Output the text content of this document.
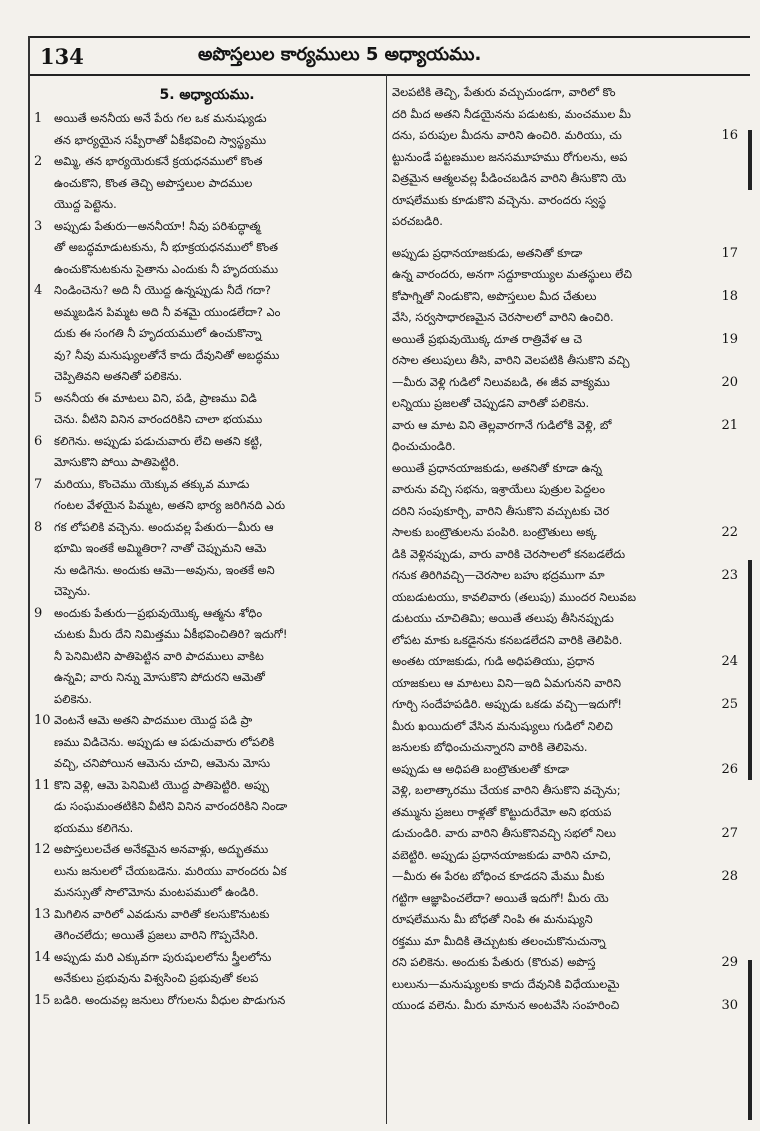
134	అపొస్తలుల కార్యములు 5 అధ్యాయము.
5. అధ్యాయము.
1	అయితే అననీయ అనే పేరు గల ఒక మనుష్యుడు
తన భార్యయైన సప్పీరాతో ఏకీభవించి స్వాస్థ్యము
2	అమ్మి, తన భార్యయెరుకనే క్రయధనములో కొంత
ఉంచుకొని, కొంత తెచ్చి అపొస్తలుల పాదముల
యొద్ద పెట్టెను.
3	అప్పుడు పేతురు—అననీయా! నీవు పరిశుద్ధాత్మ
తో అబద్ధమాడుటకును, నీ భూక్రయధనములో కొంత
ఉంచుకొనుటకును సైతాను ఎందుకు నీ హృదయము
4	నిండించెను? అది నీ యొద్ద ఉన్నప్పుడు నీదే గదా?
అమ్మబడిన పిమ్మట అది నీ వశమై యుండలేదా? ఎం
దుకు ఈ సంగతి నీ హృదయములో ఉంచుకొన్నా
వు? నీవు మనుష్యులతోనే కాదు దేవునితో అబద్ధము
చెప్పితివని అతనితో పలికెను.
5	అననీయ ఈ మాటలు విని, పడి, ప్రాణము విడి
చెను. వీటిని వినిన వారందరికిని చాలా భయము
6	కలిగెను. అప్పుడు పడుచువారు లేచి అతని కట్టి,
మోసుకొని పోయి పాతిపెట్టిరి.
7	మరియు, కొంచెము యెక్కువ తక్కువ మూడు
గంటల వేళయైన పిమ్మట, అతని భార్య జరిగినది ఎరు
8	గక లోపలికి వచ్చెను. అందువల్ల పేతురు—మీరు ఆ
భూమి ఇంతకే అమ్మితిరా? నాతో చెప్పుమని ఆమె
ను అడిగెను. అందుకు ఆమె—అవును, ఇంతకే అని
చెప్పెను.
9	అందుకు పేతురు—ప్రభువుయొక్క ఆత్మను శోధిం
చుటకు మీరు దేని నిమిత్తము ఏకీభవించితిరి? ఇదుగో!
నీ పెనిమిటిని పాతిపెట్టిన వారి పాదములు వాకిట
ఉన్నవి; వారు నిన్ను మోసుకొని పోదురని ఆమెతో
పలికెను.
10 వెంటనే ఆమె అతని పాదముల యొద్ద పడి ప్రా
ణము విడిచెను. అప్పుడు ఆ పడుచువారు లోపలికి
వచ్చి, చనిపోయిన ఆమెను చూచి, ఆమెను మోసు
11 కొని వెళ్లి, ఆమె పెనిమిటి యొద్ద పాతిపెట్టిరి. అప్పు
డు సంఘమంతటికిని వీటిని వినిన వారందరికిని నిండా
భయము కలిగెను.
12 అపొస్తలులచేత అనేకమైన అనవాళ్లు, అద్భుతము
లును జనులలో చేయబడెను. మరియు వారందరు ఏక
మనస్సుతో సొలొమోను మంటపములో ఉండిరి.
13 మిగిలిన వారిలో ఎవడును వారితో కలసుకొనుటకు
తెగించలేదు; అయితే ప్రజలు వారిని గొప్పచేసిరి.
14 అప్పుడు మరి ఎక్కువగా పురుషులలోను స్త్రీలలోను
అనేకులు ప్రభువును విశ్వసించి ప్రభువుతో కలప
15 బడిరి. అందువల్ల జనులు రోగులను వీధుల పొడుగున
వెలపటికి తెచ్చి, పేతురు వచ్చుచుండగా, వారిలో కొం
దరి మీద అతని నీడయైనను పడుటకు, మంచముల మీ
16
దను, పరుపుల మీదను వారిని ఉంచిరి. మరియు, చు
ట్టునుండే పట్టణముల జనసమూహము రోగులను, అప
విత్రమైన ఆత్మలవల్ల పీడించబడిన వారిని తీసుకొని యె
రూషలేముకు కూడుకొని వచ్చెను. వారందరు స్వస్థ
పరచబడిరి.
17
అప్పుడు ప్రధానయాజకుడు, అతనితో కూడా
ఉన్న వారందరు, అనగా సద్దూకాయ్యుల మతస్థులు లేచి
18
కోపాగ్నితో నిండుకొని, అపొస్తలుల మీద చేతులు
వేసి, సర్వసాధారణమైన చెరసాలలో వారిని ఉంచిరి.
19
అయితే ప్రభువుయొక్క దూత రాత్రివేళ ఆ చె
రసాల తలుపులు తీసి, వారిని వెలపటికి తీసుకొని వచ్చి
20
—మీరు వెళ్లి గుడిలో నిలువబడి, ఈ జీవ వాక్యము
లన్నియు ప్రజలతో చెప్పుడని వారితో పలికెను.
21
వారు ఆ మాట విని తెల్లవారగానే గుడిలోకి వెళ్లి, బో
ధించుచుండిరి.
అయితే ప్రధానయాజకుడు, అతనితో కూడా ఉన్న
వారును వచ్చి సభను, ఇశ్రాయేలు పుత్రుల పెద్దలం
దరిని సంపుకూర్చి, వారిని తీసుకొని వచ్చుటకు చెర
22
సాలకు బంట్రౌతులను పంపిరి. బంట్రౌతులు అక్క
డికి వెళ్లినప్పుడు, వారు వారికి చెరసాలలో కనబడలేదు
23
గనుక తిరిగివచ్చి—చెరసాల బహు భద్రముగా మా
యబడుటయు, కావలివారు (తలుపు) ముందర నిలువబ
డుటయు చూచితిమి; అయితే తలుపు తీసినప్పుడు
లోపట మాకు ఒకడైనను కనబడలేదని వారికి తెలిపిరి.
24
అంతట యాజకుడు, గుడి అధిపతియు, ప్రధాన
యాజకులు ఆ మాటలు విని—ఇది ఏమగునని వారిని
25
గూర్చి సందేహపడిరి. అప్పుడు ఒకడు వచ్చి—ఇదుగో!
మీరు ఖయిదులో వేసిన మనుష్యులు గుడిలో నిలిచి
జనులకు బోధించుచున్నారని వారికి తెలిపెను.
26
అప్పుడు ఆ అధిపతి బంట్రౌతులతో కూడా
వెళ్లి, బలాత్కారము చేయక వారిని తీసుకొని వచ్చెను;
తమ్మును ప్రజలు రాళ్లతో కొట్టుదురేమో అని భయప
27
డుచుండిరి. వారు వారిని తీసుకొనివచ్చి సభలో నిలు
వబెట్టిరి. అప్పుడు ప్రధానయాజకుడు వారిని చూచి,
28
—మీరు ఈ పేరట బోధించ కూడదని మేము మీకు
గట్టిగా ఆజ్ఞాపించలేదా? అయితే ఇదుగో! మీరు యె
రూషలేమును మీ బోధతో నింపి ఈ మనుష్యుని
రక్తము మా మీదికి తెచ్చుటకు తలంచుకొనుచున్నా
29
రని పలికెను. అందుకు పేతురు (కొరువ) అపొస్త
లులును—మనుష్యులకు కాదు దేవునికి విధేయులమై
30
యుండ వలెను. మీరు మానున అంటవేసి సంహరించి
